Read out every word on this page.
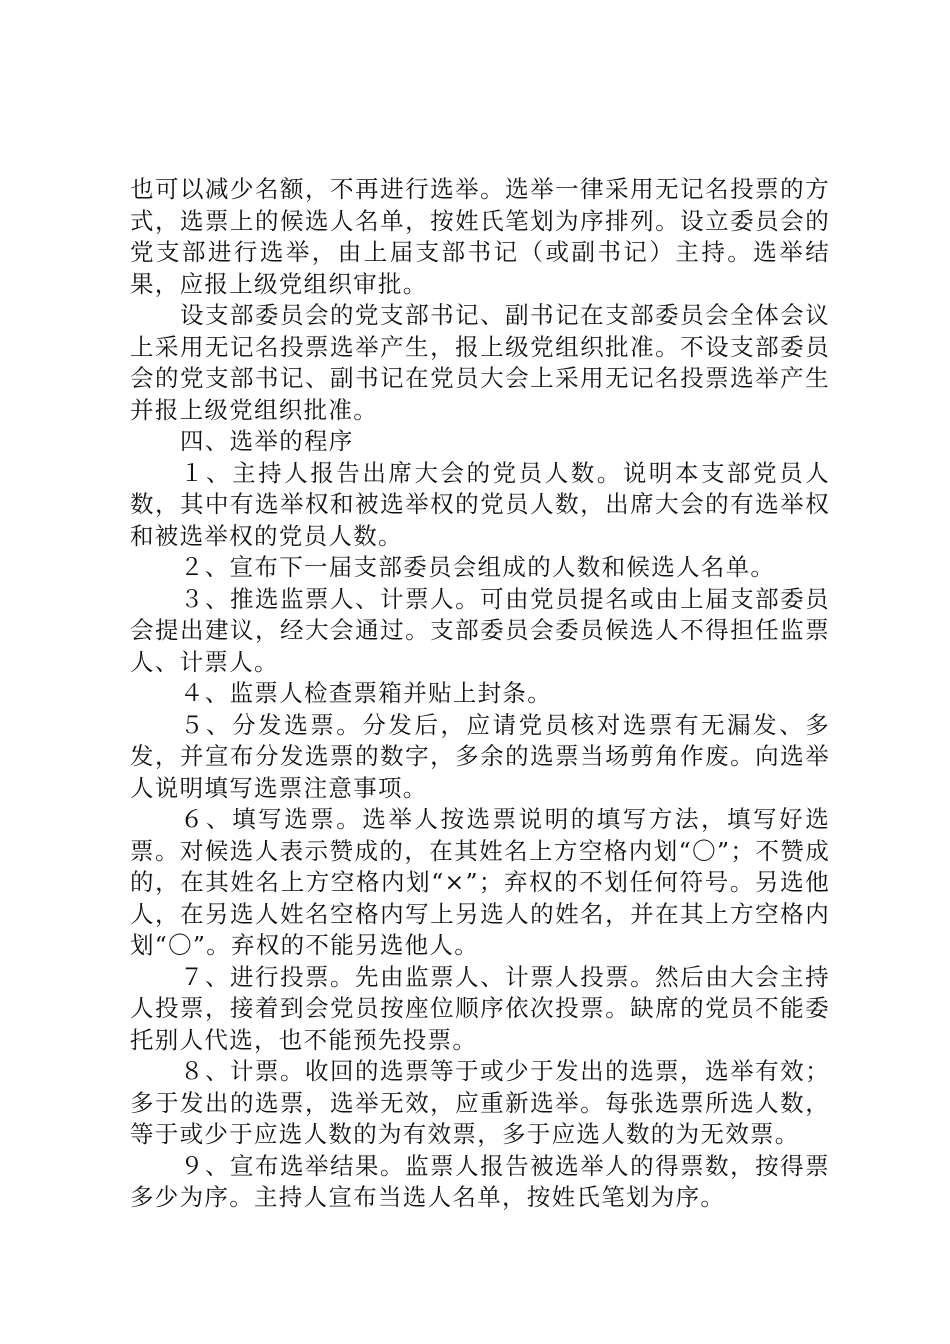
也可以减少名额，不再进行选举。选举一律采用无记名投票的方式，选票上的候选人名单，按姓氏笔划为序排列。设立委员会的党支部进行选举，由上届支部书记（或副书记）主持。选举结果，应报上级党组织审批。

设支部委员会的党支部书记、副书记在支部委员会全体会议上采用无记名投票选举产生，报上级党组织批准。不设支部委员会的党支部书记、副书记在党员大会上采用无记名投票选举产生并报上级党组织批准。

四、选举的程序

１、主持人报告出席大会的党员人数。说明本支部党员人数，其中有选举权和被选举权的党员人数，出席大会的有选举权和被选举权的党员人数。

２、宣布下一届支部委员会组成的人数和候选人名单。

３、推选监票人、计票人。可由党员提名或由上届支部委员会提出建议，经大会通过。支部委员会委员候选人不得担任监票人、计票人。

４、监票人检查票箱并贴上封条。

５、分发选票。分发后，应请党员核对选票有无漏发、多发，并宣布分发选票的数字，多余的选票当场剪角作废。向选举人说明填写选票注意事项。

６、填写选票。选举人按选票说明的填写方法，填写好选票。对候选人表示赞成的，在其姓名上方空格内划“〇”；不赞成的，在其姓名上方空格内划“×”；弃权的不划任何符号。另选他人，在另选人姓名空格内写上另选人的姓名，并在其上方空格内划“〇”。弃权的不能另选他人。

７、进行投票。先由监票人、计票人投票。然后由大会主持人投票，接着到会党员按座位顺序依次投票。缺席的党员不能委托别人代选，也不能预先投票。

８、计票。收回的选票等于或少于发出的选票，选举有效；多于发出的选票，选举无效，应重新选举。每张选票所选人数，等于或少于应选人数的为有效票，多于应选人数的为无效票。

９、宣布选举结果。监票人报告被选举人的得票数，按得票多少为序。主持人宣布当选人名单，按姓氏笔划为序。
